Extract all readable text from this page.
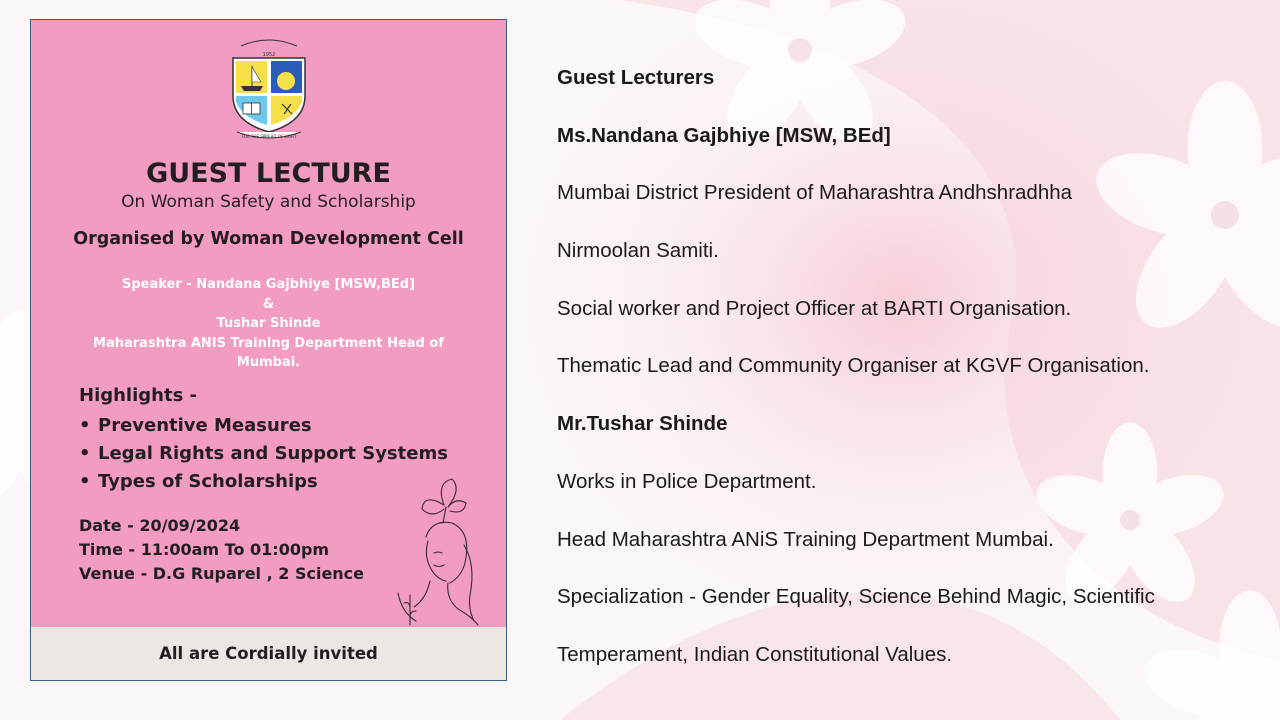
1952
FOR THE SPREAD OF LIGHT
GUEST LECTURE
On Woman Safety and Scholarship
Organised by Woman Development Cell
Speaker - Nandana Gajbhiye [MSW,BEd]
&
Tushar Shinde
Maharashtra ANIS Training Department Head of
Mumbai.
Highlights -
• Preventive Measures
• Legal Rights and Support Systems
• Types of Scholarships
Date - 20/09/2024
Time - 11:00am To 01:00pm
Venue - D.G Ruparel , 2 Science
All are Cordially invited
Guest Lecturers
Ms.Nandana Gajbhiye [MSW, BEd]
Mumbai District President of Maharashtra Andhshradhha
Nirmoolan Samiti.
Social worker and Project Officer at BARTI Organisation.
Thematic Lead and Community Organiser at KGVF Organisation.
Mr.Tushar Shinde
Works in Police Department.
Head Maharashtra ANiS Training Department Mumbai.
Specialization - Gender Equality, Science Behind Magic, Scientific
Temperament, Indian Constitutional Values.
